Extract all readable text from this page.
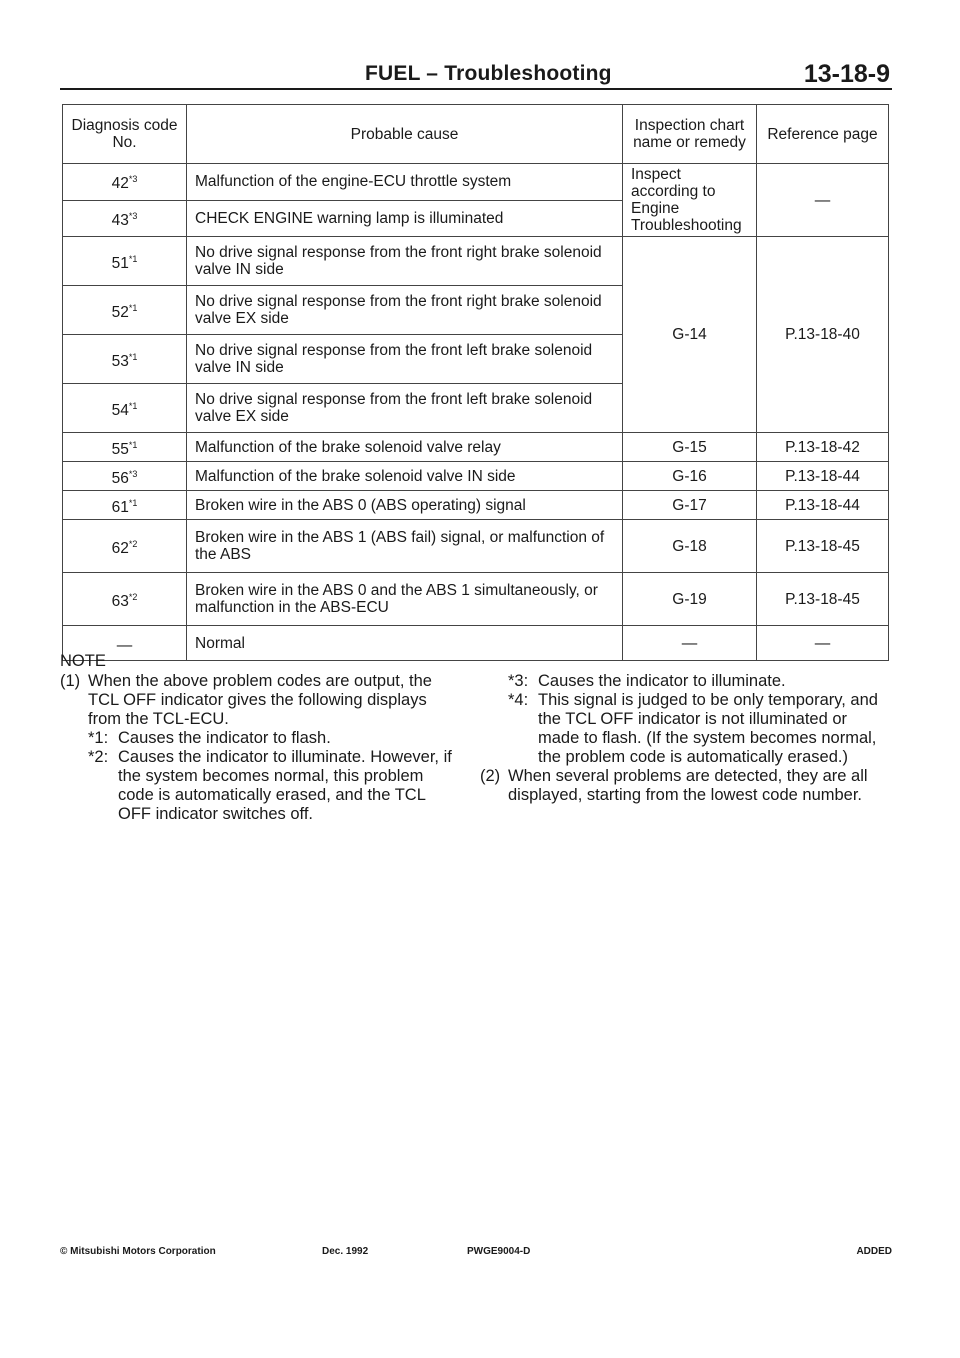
FUEL – Troubleshooting	13-18-9
Diagnosis code No.	Probable cause	Inspection chart name or remedy	Reference page
42$^{*3}$	Malfunction of the engine-ECU throttle system	Inspect according to Engine Troubleshooting	—
43$^{*3}$	CHECK ENGINE warning lamp is illuminated		
51$^{*1}$	No drive signal response from the front right brake solenoid valve IN side	G-14	P.13-18-40
52$^{*1}$	No drive signal response from the front right brake solenoid valve EX side		
53$^{*1}$	No drive signal response from the front left brake solenoid valve IN side		
54$^{*1}$	No drive signal response from the front left brake solenoid valve EX side		
55$^{*1}$	Malfunction of the brake solenoid valve relay	G-15	P.13-18-42
56$^{*3}$	Malfunction of the brake solenoid valve IN side	G-16	P.13-18-44
61$^{*1}$	Broken wire in the ABS 0 (ABS operating) signal	G-17	P.13-18-44
62$^{*2}$	Broken wire in the ABS 1 (ABS fail) signal, or malfunction of the ABS	G-18	P.13-18-45
63$^{*2}$	Broken wire in the ABS 0 and the ABS 1 simultaneously, or malfunction in the ABS-ECU	G-19	P.13-18-45
—	Normal	—	—
NOTE
(1) When the above problem codes are output, the TCL OFF indicator gives the following displays from the TCL-ECU.
*1: Causes the indicator to flash.
*2: Causes the indicator to illuminate. However, if the system becomes normal, this problem code is automatically erased, and the TCL OFF indicator switches off.
*3: Causes the indicator to illuminate.
*4: This signal is judged to be only temporary, and the TCL OFF indicator is not illuminated or made to flash. (If the system becomes normal, the problem code is automatically erased.)
(2) When several problems are detected, they are all displayed, starting from the lowest code number.
© Mitsubishi Motors Corporation	Dec. 1992	PWGE9004-D	ADDED
